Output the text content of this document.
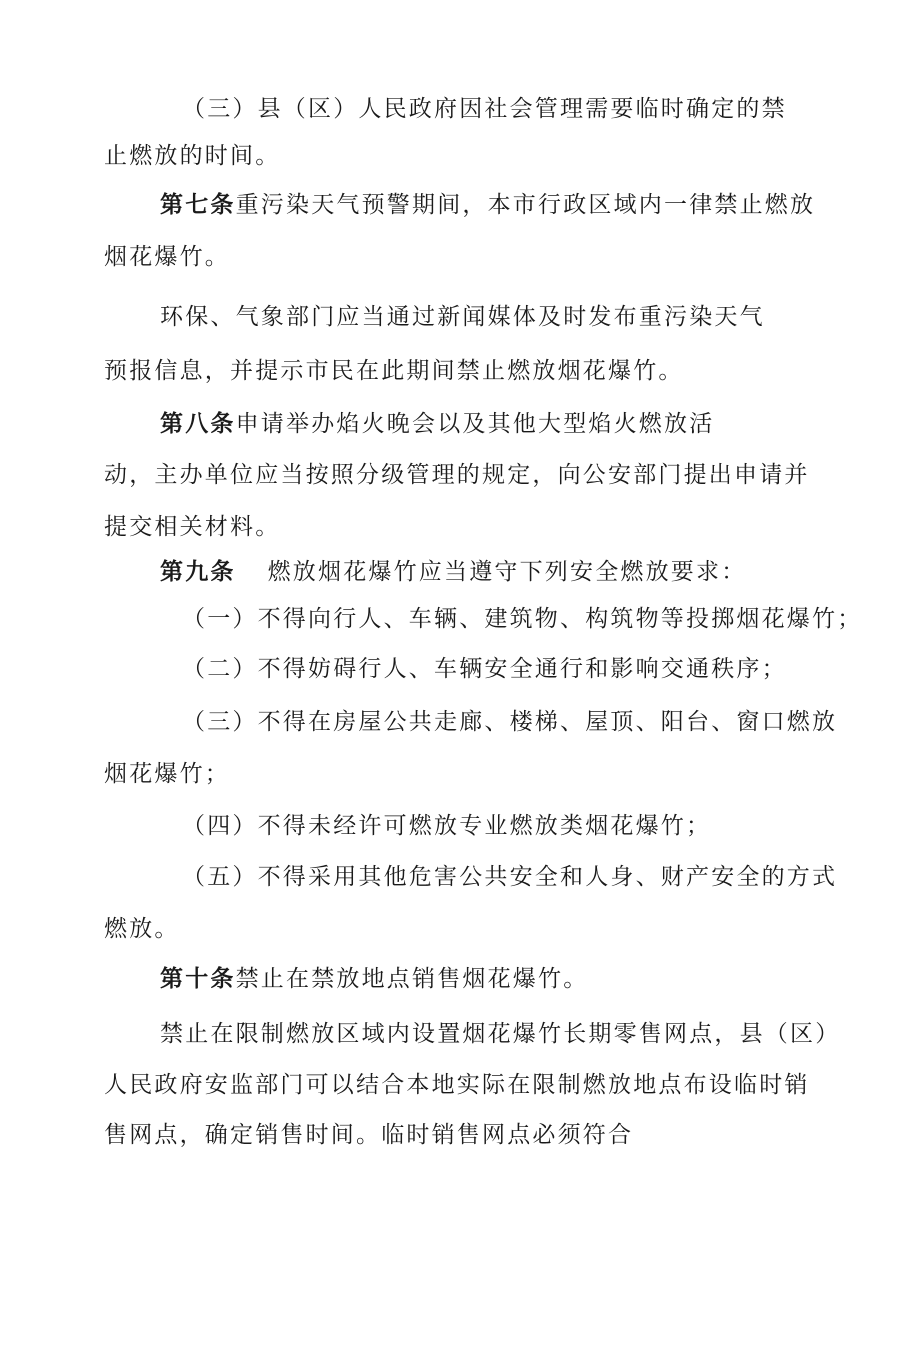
（三）县（区）人民政府因社会管理需要临时确定的禁
止燃放的时间。
第七条重污染天气预警期间，本市行政区域内一律禁止燃放
烟花爆竹。
环保、气象部门应当通过新闻媒体及时发布重污染天气
预报信息，并提示市民在此期间禁止燃放烟花爆竹。
第八条申请举办焰火晚会以及其他大型焰火燃放活
动，主办单位应当按照分级管理的规定，向公安部门提出申请并
提交相关材料。
第九条 燃放烟花爆竹应当遵守下列安全燃放要求：
（一）不得向行人、车辆、建筑物、构筑物等投掷烟花爆竹；
（二）不得妨碍行人、车辆安全通行和影响交通秩序；
（三）不得在房屋公共走廊、楼梯、屋顶、阳台、窗口燃放
烟花爆竹；
（四）不得未经许可燃放专业燃放类烟花爆竹；
（五）不得采用其他危害公共安全和人身、财产安全的方式
燃放。
第十条禁止在禁放地点销售烟花爆竹。
禁止在限制燃放区域内设置烟花爆竹长期零售网点，县（区）
人民政府安监部门可以结合本地实际在限制燃放地点布设临时销
售网点，确定销售时间。临时销售网点必须符合
